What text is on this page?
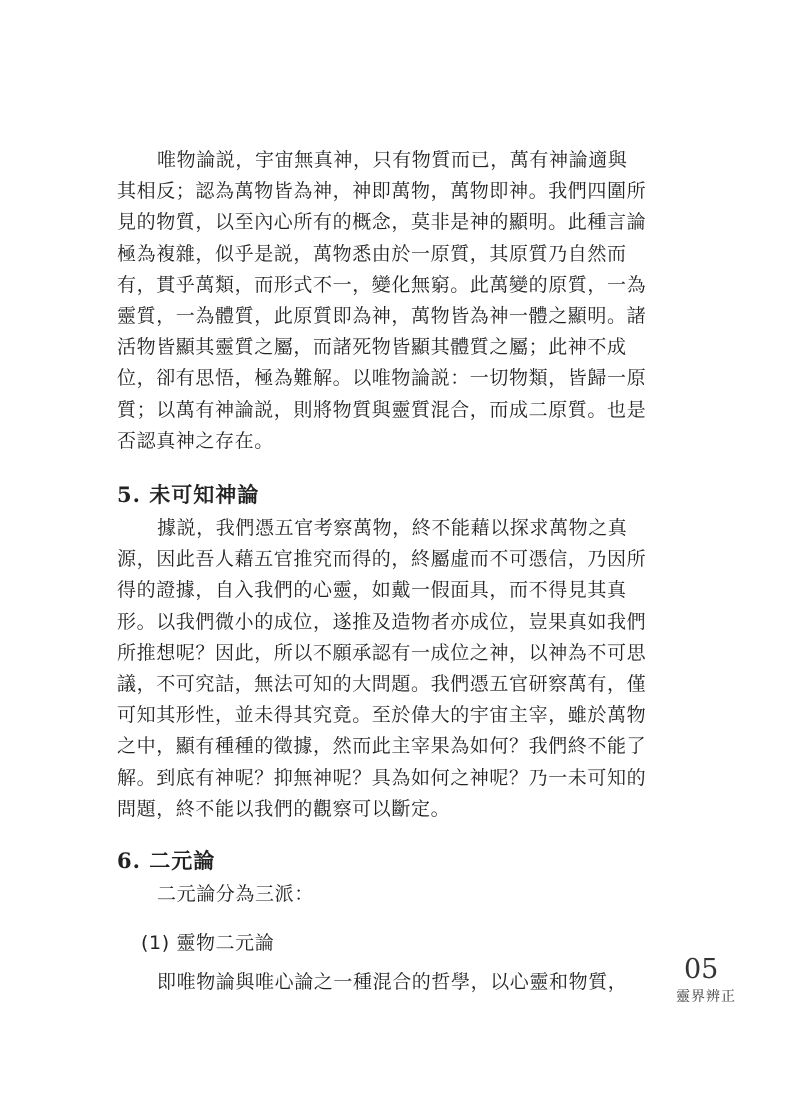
唯物論説，宇宙無真神，只有物質而已，萬有神論適與

其相反；認為萬物皆為神，神即萬物，萬物即神。我們四圍所

見的物質，以至內心所有的概念，莫非是神的顯明。此種言論

極為複雜，似乎是説，萬物悉由於一原質，其原質乃自然而

有，貫乎萬類，而形式不一，變化無窮。此萬變的原質，一為

靈質，一為體質，此原質即為神，萬物皆為神一體之顯明。諸

活物皆顯其靈質之屬，而諸死物皆顯其體質之屬；此神不成

位，卻有思悟，極為難解。以唯物論説：一切物類，皆歸一原

質；以萬有神論説，則將物質與靈質混合，而成二原質。也是

否認真神之存在。

5. 未可知神論

據説，我們憑五官考察萬物，終不能藉以探求萬物之真

源，因此吾人藉五官推究而得的，終屬虛而不可憑信，乃因所

得的證據，自入我們的心靈，如戴一假面具，而不得見其真

形。以我們微小的成位，遂推及造物者亦成位，豈果真如我們

所推想呢？因此，所以不願承認有一成位之神，以神為不可思

議，不可究詰，無法可知的大問題。我們憑五官研察萬有，僅

可知其形性，並未得其究竟。至於偉大的宇宙主宰，雖於萬物

之中，顯有種種的徵據，然而此主宰果為如何？我們終不能了

解。到底有神呢？抑無神呢？具為如何之神呢？乃一未可知的

問題，終不能以我們的觀察可以斷定。

6. 二元論

二元論分為三派：

(1) 靈物二元論

即唯物論與唯心論之一種混合的哲學，以心靈和物質，	05
靈界辨正
